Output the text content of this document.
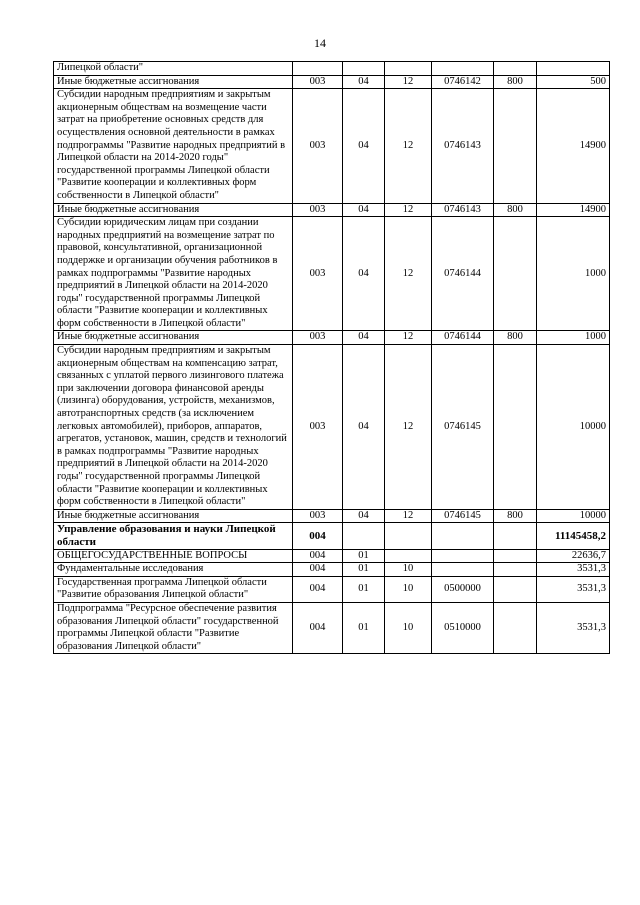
14
Липецкой области"						
Иные бюджетные ассигнования	003	04	12	0746142	800	500
Субсидии народным предприятиям и закрытым акционерным обществам на возмещение части затрат на приобретение основных средств для осуществления основной деятельности в рамках подпрограммы "Развитие народных предприятий в Липецкой области на 2014-2020 годы" государственной программы Липецкой области "Развитие кооперации и коллективных форм собственности в Липецкой области"	003	04	12	0746143		14900
Иные бюджетные ассигнования	003	04	12	0746143	800	14900
Субсидии юридическим лицам при создании народных предприятий на возмещение затрат по правовой, консультативной, организационной поддержке и организации обучения работников в рамках подпрограммы "Развитие народных предприятий в Липецкой области на 2014-2020 годы" государственной программы Липецкой области "Развитие кооперации и коллективных форм собственности в Липецкой области"	003	04	12	0746144		1000
Иные бюджетные ассигнования	003	04	12	0746144	800	1000
Субсидии народным предприятиям и закрытым акционерным обществам на компенсацию затрат, связанных с уплатой первого лизингового платежа при заключении договора финансовой аренды (лизинга) оборудования, устройств, механизмов, автотранспортных средств (за исключением легковых автомобилей), приборов, аппаратов, агрегатов, установок, машин, средств и технологий в рамках подпрограммы "Развитие народных предприятий в Липецкой области на 2014-2020 годы" государственной программы Липецкой области "Развитие кооперации и коллективных форм собственности в Липецкой области"	003	04	12	0746145		10000
Иные бюджетные ассигнования	003	04	12	0746145	800	10000
Управление образования и науки Липецкой области	004					11145458,2
ОБЩЕГОСУДАРСТВЕННЫЕ ВОПРОСЫ	004	01				22636,7
Фундаментальные исследования	004	01	10			3531,3
Государственная программа Липецкой области "Развитие образования Липецкой области"	004	01	10	0500000		3531,3
Подпрограмма "Ресурсное обеспечение развития образования Липецкой области" государственной программы Липецкой области "Развитие образования Липецкой области"	004	01	10	0510000		3531,3
